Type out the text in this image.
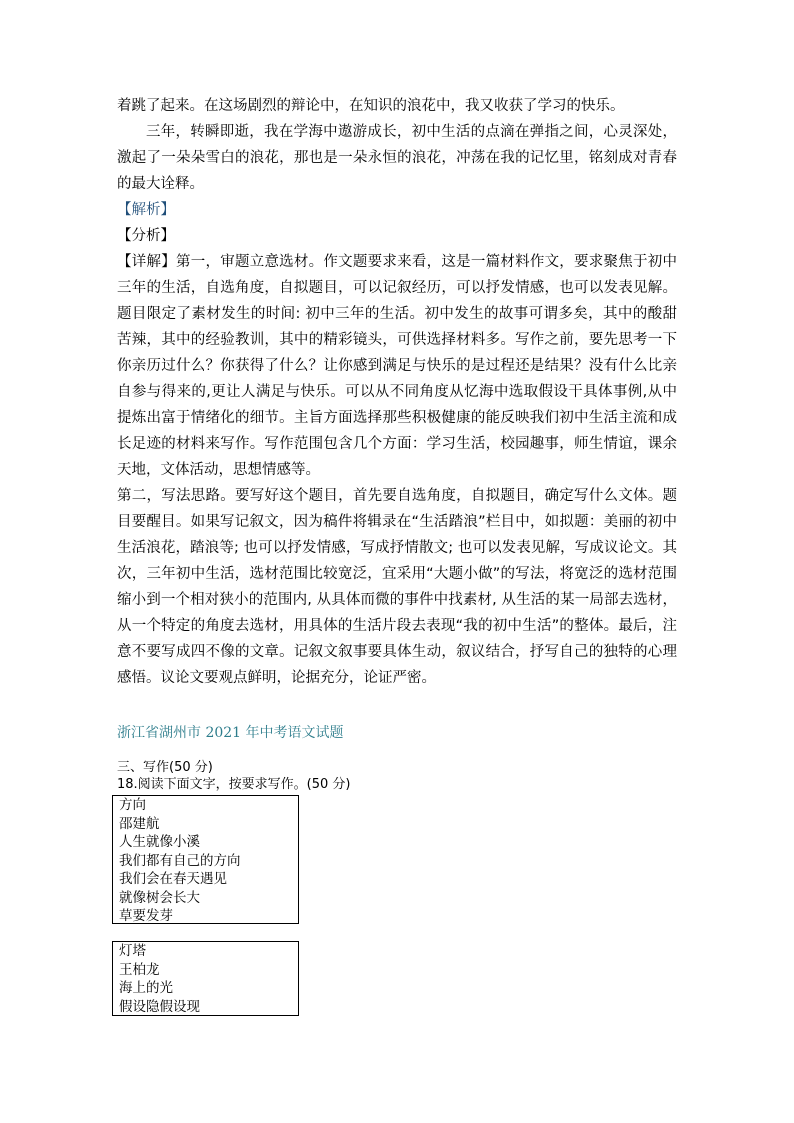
着跳了起来。在这场剧烈的辩论中，在知识的浪花中，我又收获了学习的快乐。

三年，转瞬即逝，我在学海中遨游成长，初中生活的点滴在弹指之间，心灵深处，激起了一朵朵雪白的浪花，那也是一朵永恒的浪花，冲荡在我的记忆里，铭刻成对青春的最大诠释。

【解析】

【分析】

【详解】第一，审题立意选材。作文题要求来看，这是一篇材料作文，要求聚焦于初中三年的生活，自选角度，自拟题目，可以记叙经历，可以抒发情感，也可以发表见解。题目限定了素材发生的时间: 初中三年的生活。初中发生的故事可谓多矣，其中的酸甜苦辣，其中的经验教训，其中的精彩镜头，可供选择材料多。写作之前，要先思考一下你亲历过什么？你获得了什么？让你感到满足与快乐的是过程还是结果？没有什么比亲自参与得来的,更让人满足与快乐。可以从不同角度从忆海中选取假设干具体事例,从中提炼出富于情绪化的细节。主旨方面选择那些积极健康的能反映我们初中生活主流和成长足迹的材料来写作。写作范围包含几个方面：学习生活，校园趣事，师生情谊，课余天地，文体活动，思想情感等。

第二，写法思路。要写好这个题目，首先要自选角度，自拟题目，确定写什么文体。题目要醒目。如果写记叙文，因为稿件将辑录在“生活踏浪”栏目中，如拟题：美丽的初中生活浪花，踏浪等; 也可以抒发情感，写成抒情散文; 也可以发表见解，写成议论文。其次，三年初中生活，选材范围比较宽泛，宜采用“大题小做”的写法，将宽泛的选材范围缩小到一个相对狭小的范围内, 从具体而微的事件中找素材, 从生活的某一局部去选材，从一个特定的角度去选材，用具体的生活片段去表现“我的初中生活”的整体。最后，注意不要写成四不像的文章。记叙文叙事要具体生动，叙议结合，抒写自己的独特的心理感悟。议论文要观点鲜明，论据充分，论证严密。

浙江省湖州市 2021 年中考语文试题
三、写作(50 分)
18.阅读下面文字，按要求写作。(50 分)
方向
邵建航
人生就像小溪
我们都有自己的方向
我们会在春天遇见
就像树会长大
草要发芽
灯塔
王柏龙
海上的光
假设隐假设现
